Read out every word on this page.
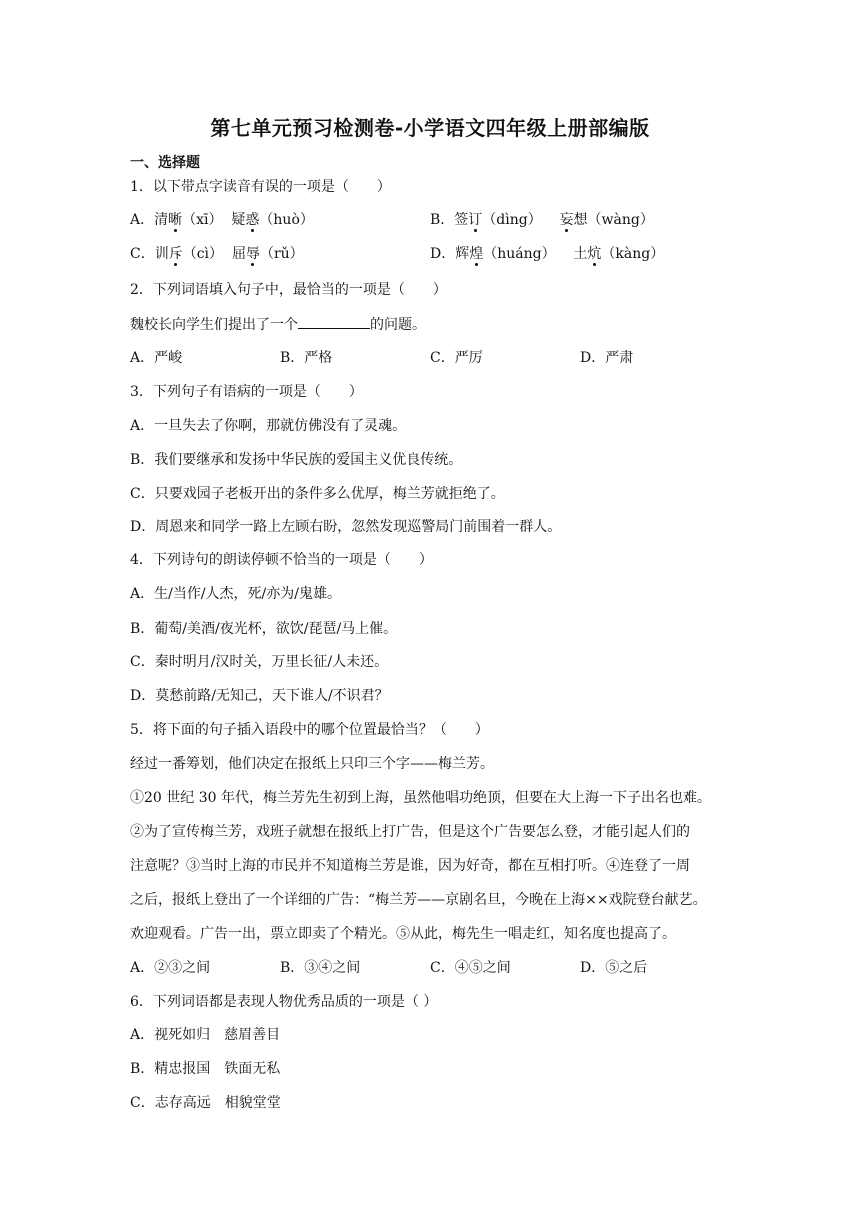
第七单元预习检测卷-小学语文四年级上册部编版
一、选择题
1．以下带点字读音有误的一项是（　　）
A．清晰（xī） 疑惑（huò）	B．签订（dìng） 妄想（wàng）
C．训斥（cì） 屈辱（rǔ）	D．辉煌（huáng） 土炕（kàng）
2．下列词语填入句子中，最恰当的一项是（　　）
魏校长向学生们提出了一个	的问题。
A．严峻	B．严格	C．严厉	D．严肃
3．下列句子有语病的一项是（　　）
A．一旦失去了你啊，那就仿佛没有了灵魂。
B．我们要继承和发扬中华民族的爱国主义优良传统。
C．只要戏园子老板开出的条件多么优厚，梅兰芳就拒绝了。
D．周恩来和同学一路上左顾右盼，忽然发现巡警局门前围着一群人。
4．下列诗句的朗读停顿不恰当的一项是（　　）
A．生/当作/人杰，死/亦为/鬼雄。
B．葡萄/美酒/夜光杯，欲饮/琵琶/马上催。
C．秦时明月/汉时关，万里长征/人未还。
D．莫愁前路/无知己，天下谁人/不识君？
5．将下面的句子插入语段中的哪个位置最恰当？（　　）
经过一番筹划，他们决定在报纸上只印三个字——梅兰芳。
①20 世纪 30 年代，梅兰芳先生初到上海，虽然他唱功绝顶，但要在大上海一下子出名也难。
②为了宣传梅兰芳，戏班子就想在报纸上打广告，但是这个广告要怎么登，才能引起人们的
注意呢？③当时上海的市民并不知道梅兰芳是谁，因为好奇，都在互相打听。④连登了一周
之后，报纸上登出了一个详细的广告：“梅兰芳——京剧名旦，今晚在上海××戏院登台献艺。
欢迎观看。广告一出，票立即卖了个精光。⑤从此，梅先生一唱走红，知名度也提高了。
A．②③之间	B．③④之间	C．④⑤之间	D．⑤之后
6．下列词语都是表现人物优秀品质的一项是（ ）
A．视死如归　慈眉善目
B．精忠报国　铁面无私
C．志存高远　相貌堂堂
